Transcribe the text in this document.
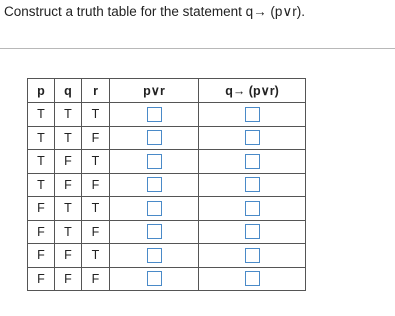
Construct a truth table for the statement q→ (p∨r).
p	q	r	p∨r	q→ (p∨r)
T	T	T		
T	T	F		
T	F	T		
T	F	F		
F	T	T		
F	T	F		
F	F	T		
F	F	F		
